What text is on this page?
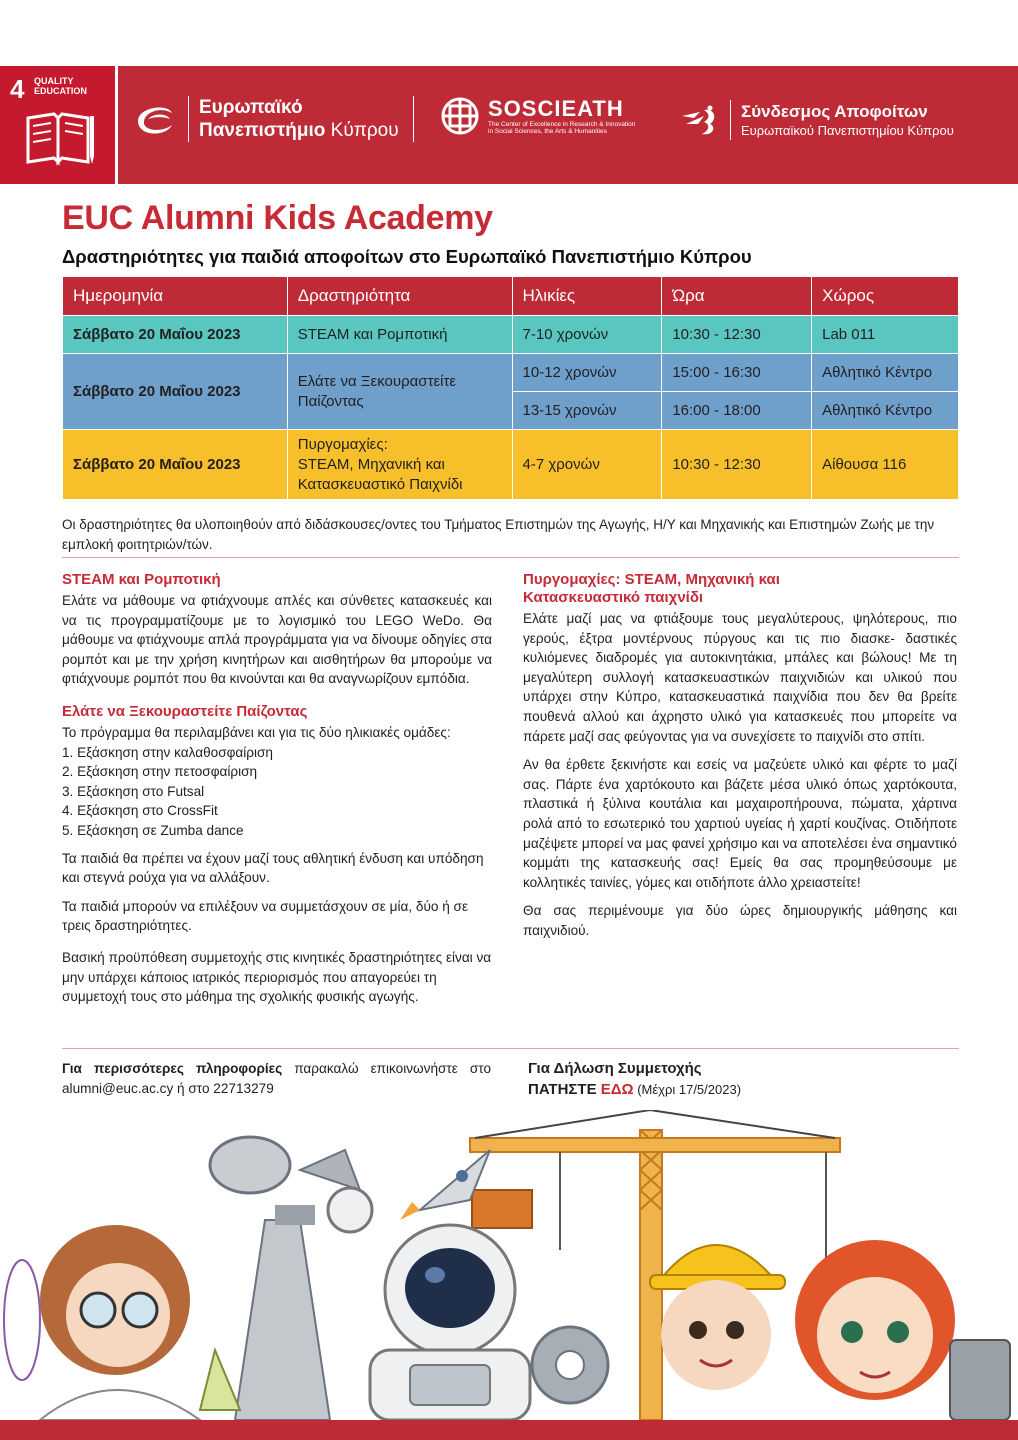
4 QUALITY
EDUCATION
Ευρωπαϊκό
Πανεπιστήμιο Κύπρου
SOSCIEATH
The Center of Excellence in Research & Innovation
in Social Sciences, the Arts & Humanities
Σύνδεσμος Αποφοίτων
Ευρωπαϊκού Πανεπιστημίου Κύπρου
EUC Alumni Kids Academy
Δραστηριότητες για παιδιά αποφοίτων στο Ευρωπαϊκό Πανεπιστήμιο Κύπρου
Ημερομηνία	Δραστηριότητα	Ηλικίες	Ώρα	Χώρος
Σάββατο 20 Μαΐου 2023	STEAM και Ρομποτική	7-10 χρονών	10:30 - 12:30	Lab 011
Σάββατο 20 Μαΐου 2023	Ελάτε να Ξεκουραστείτε Παίζοντας	10-12 χρονών	15:00 - 16:30	Αθλητικό Κέντρο
		13-15 χρονών	16:00 - 18:00	Αθλητικό Κέντρο
Σάββατο 20 Μαΐου 2023	Πυργομαχίες:
STEAM, Μηχανική και
Κατασκευαστικό Παιχνίδι	4-7 χρονών	10:30 - 12:30	Αίθουσα 116
Οι δραστηριότητες θα υλοποιηθούν από διδάσκουσες/οντες του Τμήματος Επιστημών της Αγωγής, Η/Υ και Μηχανικής και Επιστημών Ζωής με την εμπλοκή φοιτητριών/τών.
STEAM και Ρομποτική

Ελάτε να μάθουμε να φτιάχνουμε απλές και σύνθετες κατασκευές και να τις προγραμματίζουμε με το λογισμικό του LEGO WeDo. Θα μάθουμε να φτιάχνουμε απλά προγράμματα για να δίνουμε οδηγίες στα ρομπότ και με την χρήση κινητήρων και αισθητήρων θα μπορούμε να φτιάχνουμε ρομπότ που θα κινούνται και θα αναγνωρίζουν εμπόδια.

Ελάτε να Ξεκουραστείτε Παίζοντας

Το πρόγραμμα θα περιλαμβάνει και για τις δύο ηλικιακές ομάδες:

1. Εξάσκηση στην καλαθοσφαίριση
2. Εξάσκηση στην πετοσφαίριση
3. Εξάσκηση στο Futsal
4. Εξάσκηση στο CrossFit
5. Εξάσκηση σε Zumba dance

Τα παιδιά θα πρέπει να έχουν μαζί τους αθλητική ένδυση και υπόδηση και στεγνά ρούχα για να αλλάξουν.

Τα παιδιά μπορούν να επιλέξουν να συμμετάσχουν σε μία, δύο ή σε τρεις δραστηριότητες.

Βασική προϋπόθεση συμμετοχής στις κινητικές δραστηριότητες είναι να μην υπάρχει κάποιος ιατρικός περιορισμός που απαγορεύει τη συμμετοχή τους στο μάθημα της σχολικής φυσικής αγωγής.

Πυργομαχίες: STEAM, Μηχανική και Κατασκευαστικό παιχνίδι

Ελάτε μαζί μας να φτιάξουμε τους μεγαλύτερους, ψηλότερους, πιο γερούς, έξτρα μοντέρνους πύργους και τις πιο διασκε- δαστικές κυλιόμενες διαδρομές για αυτοκινητάκια, μπάλες και βώλους! Με τη μεγαλύτερη συλλογή κατασκευαστικών παιχνιδιών και υλικού που υπάρχει στην Κύπρο, κατασκευαστικά παιχνίδια που δεν θα βρείτε πουθενά αλλού και άχρηστο υλικό για κατασκευές που μπορείτε να πάρετε μαζί σας φεύγοντας για να συνεχίσετε το παιχνίδι στο σπίτι.

Αν θα έρθετε ξεκινήστε και εσείς να μαζεύετε υλικό και φέρτε το μαζί σας. Πάρτε ένα χαρτόκουτο και βάζετε μέσα υλικό όπως χαρτόκουτα, πλαστικά ή ξύλινα κουτάλια και μαχαιροπήρουνα, πώματα, χάρτινα ρολά από το εσωτερικό του χαρτιού υγείας ή χαρτί κουζίνας. Οτιδήποτε μαζέψετε μπορεί να μας φανεί χρήσιμο και να αποτελέσει ένα σημαντικό κομμάτι της κατασκευής σας! Εμείς θα σας προμηθεύσουμε με κολλητικές ταινίες, γόμες και οτιδήποτε άλλο χρειαστείτε!

Θα σας περιμένουμε για δύο ώρες δημιουργικής μάθησης και παιχνιδιού.

Για περισσότερες πληροφορίες παρακαλώ επικοινωνήστε στο alumni@euc.ac.cy ή στο 22713279
Για Δήλωση Συμμετοχής
ΠΑΤΗΣΤΕ ΕΔΩ (Μέχρι 17/5/2023)
